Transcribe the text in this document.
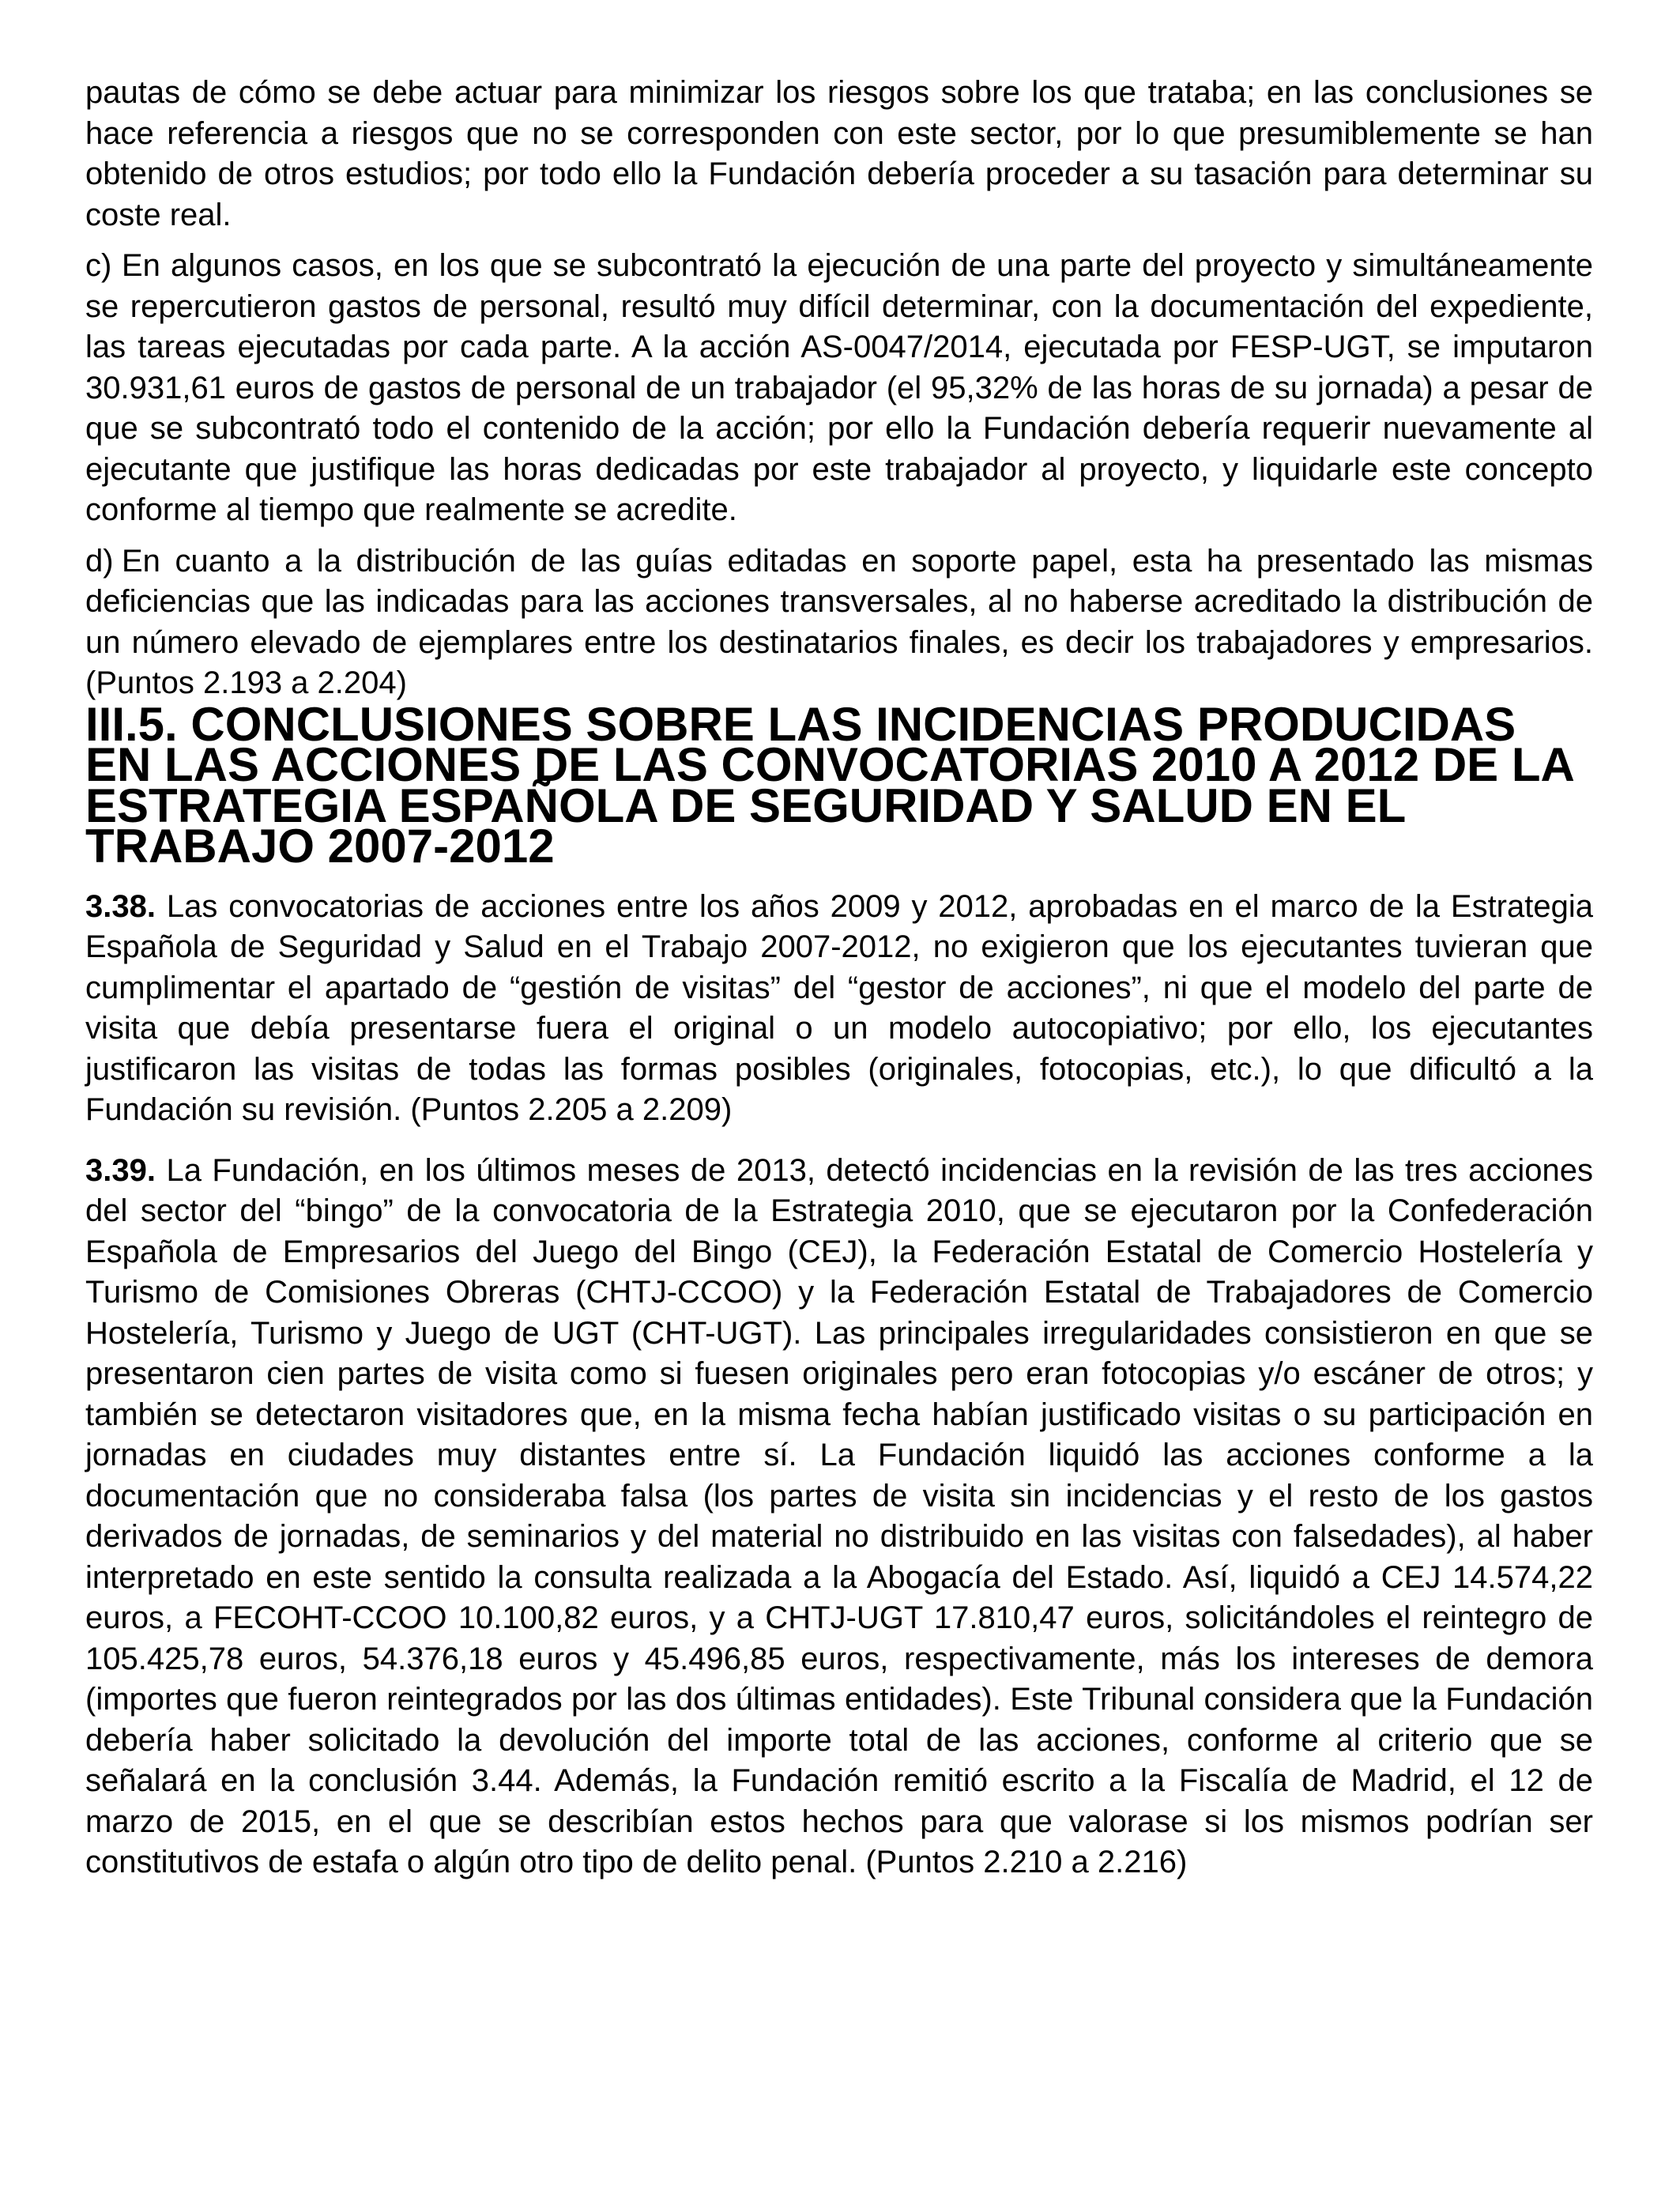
pautas de cómo se debe actuar para minimizar los riesgos sobre los que trataba; en las conclusiones se hace referencia a riesgos que no se corresponden con este sector, por lo que presumiblemente se han obtenido de otros estudios; por todo ello la Fundación debería proceder a su tasación para determinar su coste real.

c) En algunos casos, en los que se subcontrató la ejecución de una parte del proyecto y simultáneamente se repercutieron gastos de personal, resultó muy difícil determinar, con la documentación del expediente, las tareas ejecutadas por cada parte. A la acción AS-0047/2014, ejecutada por FESP-UGT, se imputaron 30.931,61 euros de gastos de personal de un trabajador (el 95,32% de las horas de su jornada) a pesar de que se subcontrató todo el contenido de la acción; por ello la Fundación debería requerir nuevamente al ejecutante que justifique las horas dedicadas por este trabajador al proyecto, y liquidarle este concepto conforme al tiempo que realmente se acredite.

d) En cuanto a la distribución de las guías editadas en soporte papel, esta ha presentado las mismas deficiencias que las indicadas para las acciones transversales, al no haberse acreditado la distribución de un número elevado de ejemplares entre los destinatarios finales, es decir los trabajadores y empresarios. (Puntos 2.193 a 2.204)

III.5. CONCLUSIONES SOBRE LAS INCIDENCIAS PRODUCIDAS EN LAS ACCIONES DE LAS CONVOCATORIAS 2010 A 2012 DE LA ESTRATEGIA ESPAÑOLA DE SEGURIDAD Y SALUD EN EL TRABAJO 2007-2012

3.38. Las convocatorias de acciones entre los años 2009 y 2012, aprobadas en el marco de la Estrategia Española de Seguridad y Salud en el Trabajo 2007-2012, no exigieron que los ejecutantes tuvieran que cumplimentar el apartado de “gestión de visitas” del “gestor de acciones”, ni que el modelo del parte de visita que debía presentarse fuera el original o un modelo autocopiativo; por ello, los ejecutantes justificaron las visitas de todas las formas posibles (originales, fotocopias, etc.), lo que dificultó a la Fundación su revisión. (Puntos 2.205 a 2.209)

3.39. La Fundación, en los últimos meses de 2013, detectó incidencias en la revisión de las tres acciones del sector del “bingo” de la convocatoria de la Estrategia 2010, que se ejecutaron por la Confederación Española de Empresarios del Juego del Bingo (CEJ), la Federación Estatal de Comercio Hostelería y Turismo de Comisiones Obreras (CHTJ-CCOO) y la Federación Estatal de Trabajadores de Comercio Hostelería, Turismo y Juego de UGT (CHT-UGT). Las principales irregularidades consistieron en que se presentaron cien partes de visita como si fuesen originales pero eran fotocopias y/o escáner de otros; y también se detectaron visitadores que, en la misma fecha habían justificado visitas o su participación en jornadas en ciudades muy distantes entre sí. La Fundación liquidó las acciones conforme a la documentación que no consideraba falsa (los partes de visita sin incidencias y el resto de los gastos derivados de jornadas, de seminarios y del material no distribuido en las visitas con falsedades), al haber interpretado en este sentido la consulta realizada a la Abogacía del Estado. Así, liquidó a CEJ 14.574,22 euros, a FECOHT-CCOO 10.100,82 euros, y a CHTJ-UGT 17.810,47 euros, solicitándoles el reintegro de 105.425,78 euros, 54.376,18 euros y 45.496,85 euros, respectivamente, más los intereses de demora (importes que fueron reintegrados por las dos últimas entidades). Este Tribunal considera que la Fundación debería haber solicitado la devolución del importe total de las acciones, conforme al criterio que se señalará en la conclusión 3.44. Además, la Fundación remitió escrito a la Fiscalía de Madrid, el 12 de marzo de 2015, en el que se describían estos hechos para que valorase si los mismos podrían ser constitutivos de estafa o algún otro tipo de delito penal. (Puntos 2.210 a 2.216)
